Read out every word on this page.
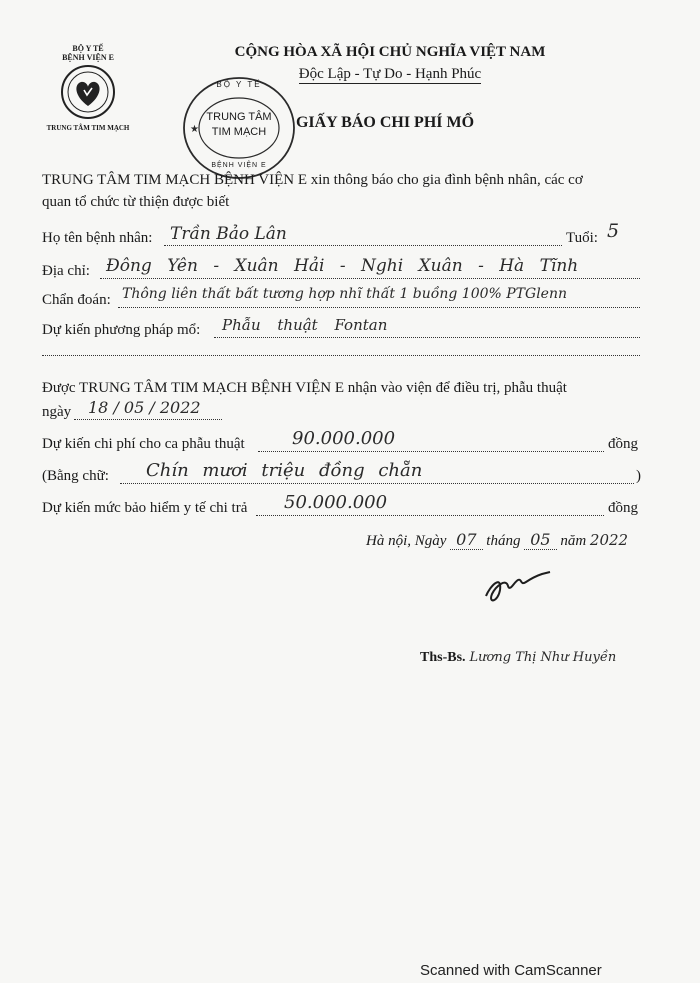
BỘ Y TẾ
BỆNH VIỆN E
TRUNG TÂM TIM MẠCH
CỘNG HÒA XÃ HỘI CHỦ NGHĨA VIỆT NAM
Độc Lập - Tự Do - Hạnh Phúc
GIẤY BÁO CHI PHÍ MỔ
★
BỘ Y TẾ
TRUNG TÂM
TIM MẠCH
BỆNH VIỆN E
TRUNG TÂM TIM MẠCH BỆNH VIỆN E xin thông báo cho gia đình bệnh nhân, các cơ
quan tổ chức từ thiện được biết
Họ tên bệnh nhân: Trần Bảo Lân	Tuổi: 5
Địa chỉ: Đông Yên - Xuân Hải - Nghi Xuân - Hà Tĩnh
Chẩn đoán: Thông liên thất bất tương hợp nhĩ thất 1 buồng 100% PTGlenn
Dự kiến phương pháp mổ: Phẫu thuật Fontan
Được TRUNG TÂM TIM MẠCH BỆNH VIỆN E nhận vào viện để điều trị, phẫu thuật
ngày 18 / 05 / 2022
Dự kiến chi phí cho ca phẫu thuật	90.000.000	đồng
(Bằng chữ: Chín mươi triệu đồng chẵn	)
Dự kiến mức bảo hiểm y tế chi trả 50.000.000	đồng
Hà nội, Ngày 07 tháng 05 năm 2022
Ths-Bs. Lương Thị Như Huyền
Scanned with CamScanner
